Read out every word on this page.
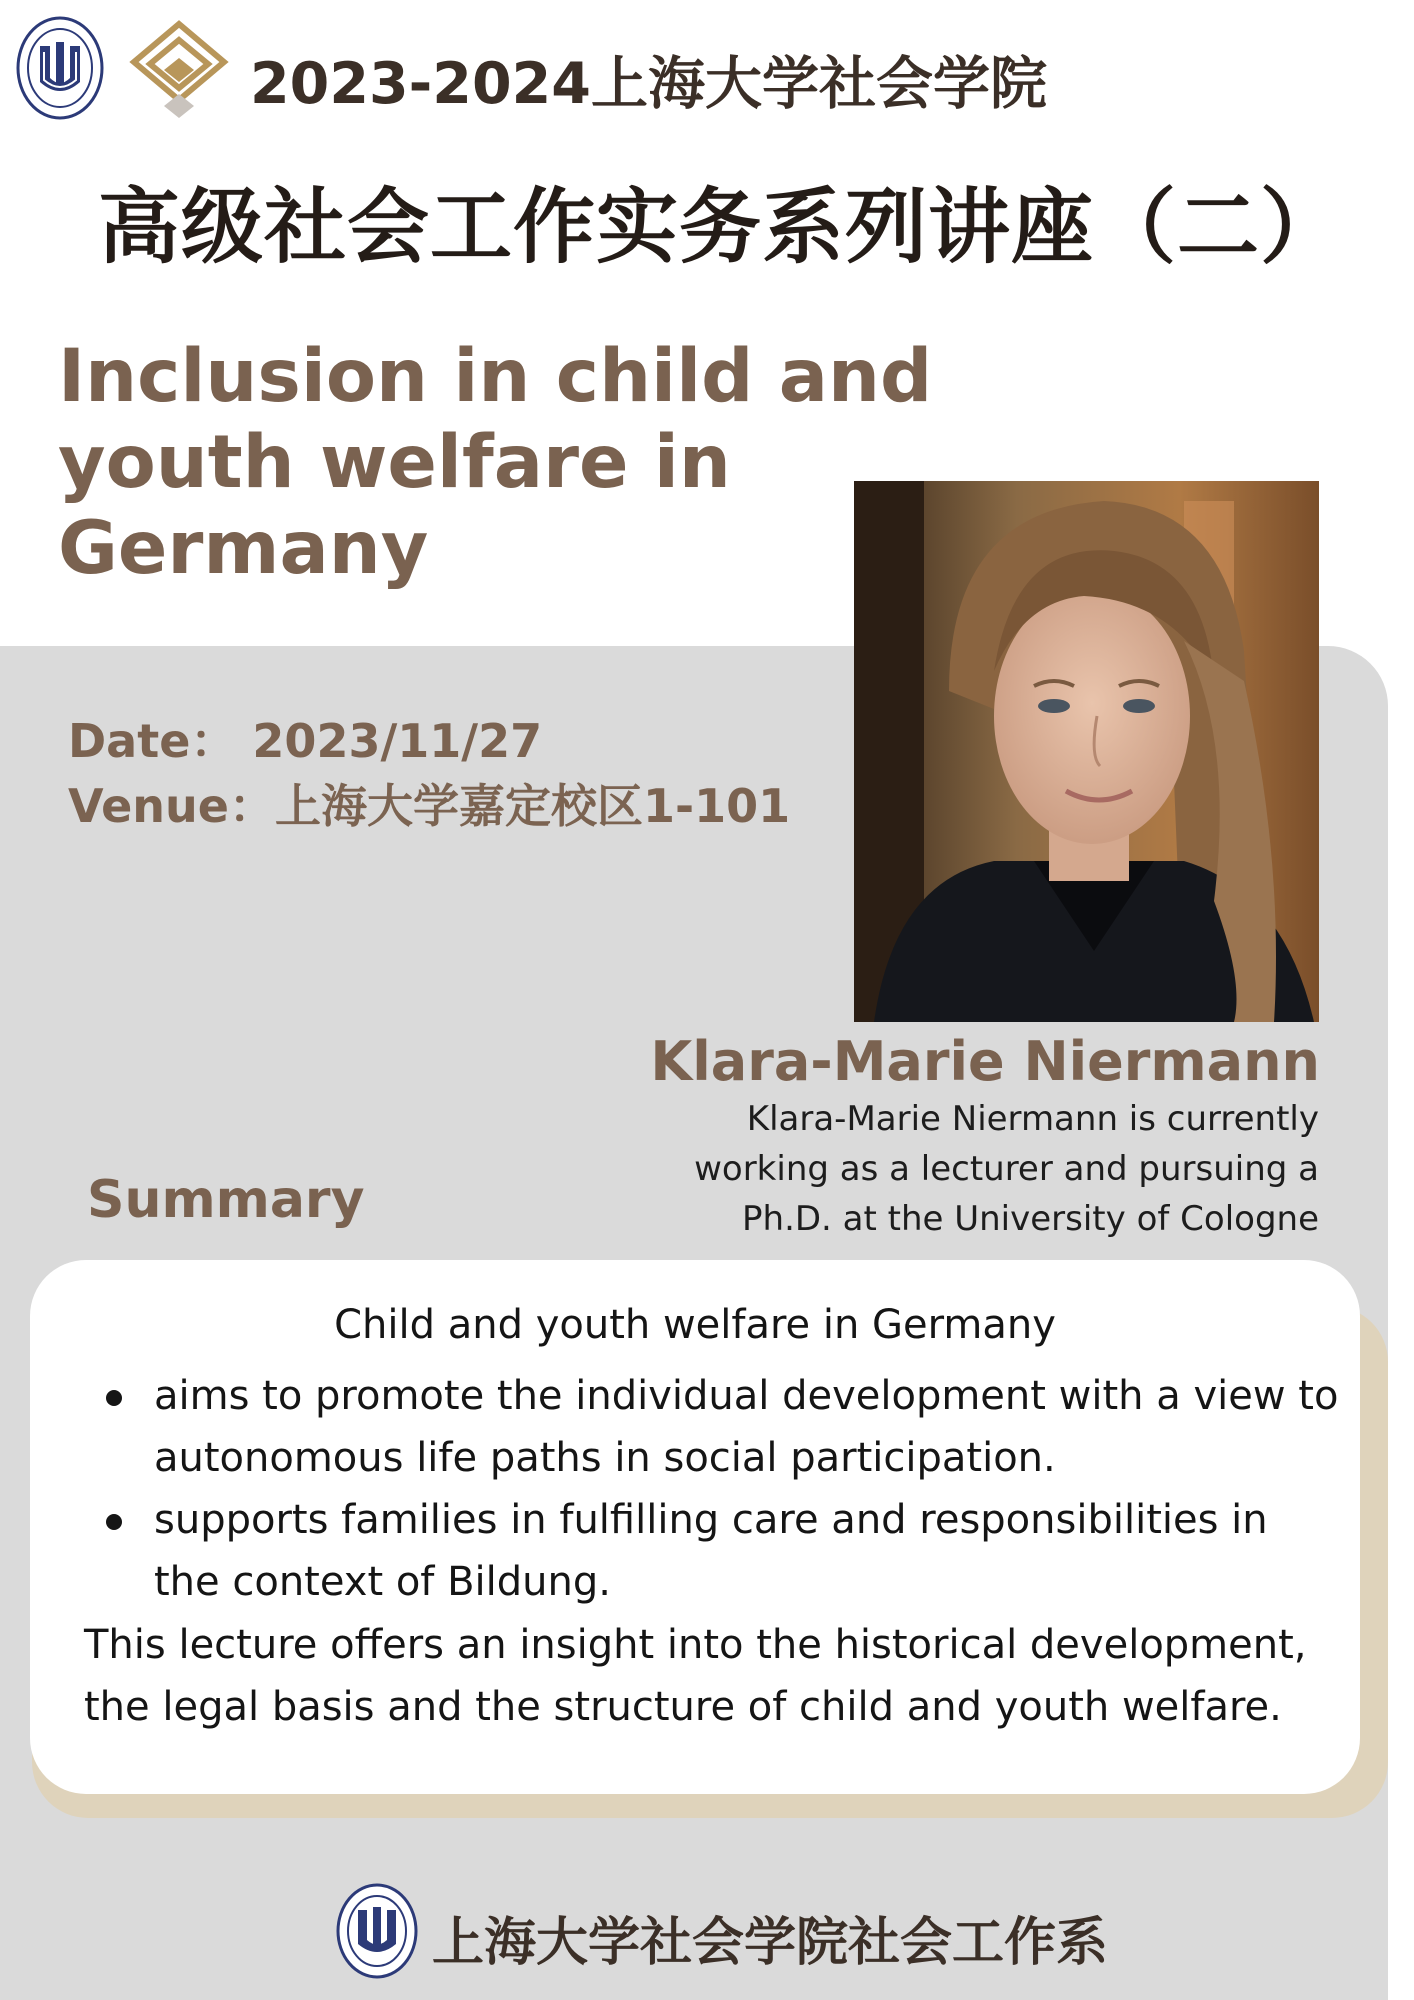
2023-2024上海大学社会学院
高级社会工作实务系列讲座（二）
Inclusion in child and youth welfare in Germany
Date： 2023/11/27
Venue：上海大学嘉定校区1-101
Klara-Marie Niermann
Klara-Marie Niermann is currently working as a lecturer and pursuing a Ph.D. at the University of Cologne
Summary
Child and youth welfare in Germany
aims to promote the individual development with a view to autonomous life paths in social participation.
supports families in fulfilling care and responsibilities in the context of Bildung.
This lecture offers an insight into the historical development, the legal basis and the structure of child and youth welfare.
上海大学社会学院社会工作系
